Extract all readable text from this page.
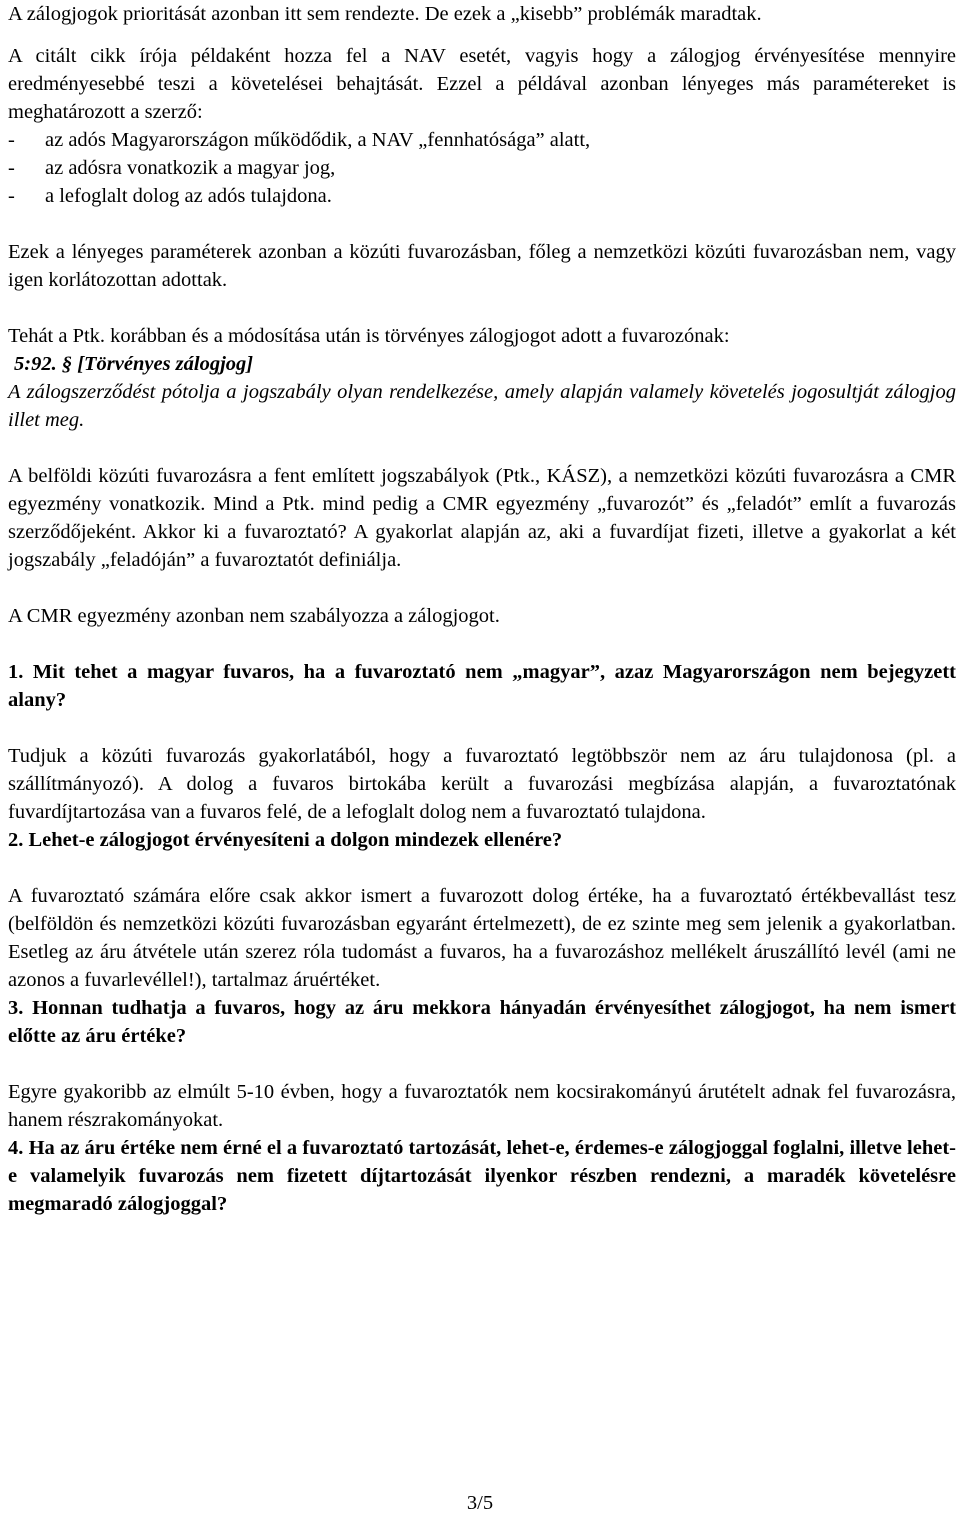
A zálogjogok prioritását azonban itt sem rendezte. De ezek a „kisebb” problémák maradtak.

A citált cikk írója példaként hozza fel a NAV esetét, vagyis hogy a zálogjog érvényesítése mennyire eredményesebbé teszi a követelései behajtását. Ezzel a példával azonban lényeges más paramétereket is meghatározott a szerző:

-	az adós Magyarországon működődik, a NAV „fennhatósága” alatt,
-	az adósra vonatkozik a magyar jog,
-	a lefoglalt dolog az adós tulajdona.

Ezek a lényeges paraméterek azonban a közúti fuvarozásban, főleg a nemzetközi közúti fuvarozásban nem, vagy igen korlátozottan adottak.

Tehát a Ptk. korábban és a módosítása után is törvényes zálogjogot adott a fuvarozónak:

5:92. § [Törvényes zálogjog]

A zálogszerződést pótolja a jogszabály olyan rendelkezése, amely alapján valamely követelés jogosultját zálogjog illet meg.

A belföldi közúti fuvarozásra a fent említett jogszabályok (Ptk., KÁSZ), a nemzetközi közúti fuvarozásra a CMR egyezmény vonatkozik. Mind a Ptk. mind pedig a CMR egyezmény „fuvarozót” és „feladót” említ a fuvarozás szerződőjeként. Akkor ki a fuvaroztató? A gyakorlat alapján az, aki a fuvardíjat fizeti, illetve a gyakorlat a két jogszabály „feladóján” a fuvaroztatót definiálja.

A CMR egyezmény azonban nem szabályozza a zálogjogot.

1. Mit tehet a magyar fuvaros, ha a fuvaroztató nem „magyar”, azaz Magyarországon nem bejegyzett alany?

Tudjuk a közúti fuvarozás gyakorlatából, hogy a fuvaroztató legtöbbször nem az áru tulajdonosa (pl. a szállítmányozó). A dolog a fuvaros birtokába került a fuvarozási megbízása alapján, a fuvaroztatónak fuvardíjtartozása van a fuvaros felé, de a lefoglalt dolog nem a fuvaroztató tulajdona.

2. Lehet-e zálogjogot érvényesíteni a dolgon mindezek ellenére?

A fuvaroztató számára előre csak akkor ismert a fuvarozott dolog értéke, ha a fuvaroztató értékbevallást tesz (belföldön és nemzetközi közúti fuvarozásban egyaránt értelmezett), de ez szinte meg sem jelenik a gyakorlatban. Esetleg az áru átvétele után szerez róla tudomást a fuvaros, ha a fuvarozáshoz mellékelt áruszállító levél (ami ne azonos a fuvarlevéllel!), tartalmaz áruértéket.

3. Honnan tudhatja a fuvaros, hogy az áru mekkora hányadán érvényesíthet zálogjogot, ha nem ismert előtte az áru értéke?

Egyre gyakoribb az elmúlt 5-10 évben, hogy a fuvaroztatók nem kocsirakományú árutételt adnak fel fuvarozásra, hanem részrakományokat.

4. Ha az áru értéke nem érné el a fuvaroztató tartozását, lehet-e, érdemes-e zálogjoggal foglalni, illetve lehet-e valamelyik fuvarozás nem fizetett díjtartozását ilyenkor részben rendezni, a maradék követelésre megmaradó zálogjoggal?

3/5
